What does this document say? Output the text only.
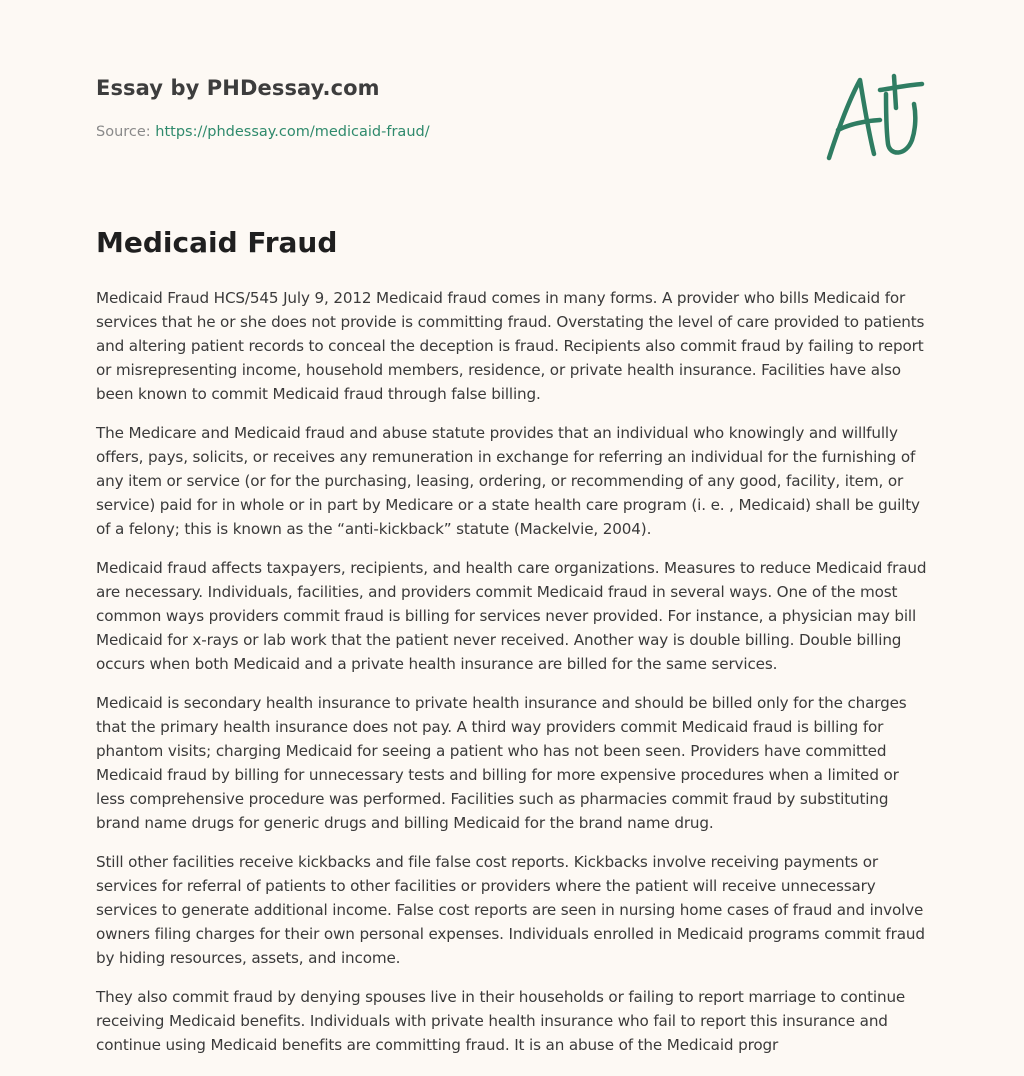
Essay by PHDessay.com
Source: https://phdessay.com/medicaid-fraud/
Medicaid Fraud

Medicaid Fraud HCS/545 July 9, 2012 Medicaid fraud comes in many forms. A provider who bills Medicaid for services that he or she does not provide is committing fraud. Overstating the level of care provided to patients and altering patient records to conceal the deception is fraud. Recipients also commit fraud by failing to report or misrepresenting income, household members, residence, or private health insurance. Facilities have also been known to commit Medicaid fraud through false billing.

The Medicare and Medicaid fraud and abuse statute provides that an individual who knowingly and willfully offers, pays, solicits, or receives any remuneration in exchange for referring an individual for the furnishing of any item or service (or for the purchasing, leasing, ordering, or recommending of any good, facility, item, or service) paid for in whole or in part by Medicare or a state health care program (i. e. , Medicaid) shall be guilty of a felony; this is known as the “anti-kickback” statute (Mackelvie, 2004).

Medicaid fraud affects taxpayers, recipients, and health care organizations. Measures to reduce Medicaid fraud are necessary. Individuals, facilities, and providers commit Medicaid fraud in several ways. One of the most common ways providers commit fraud is billing for services never provided. For instance, a physician may bill Medicaid for x-rays or lab work that the patient never received. Another way is double billing. Double billing occurs when both Medicaid and a private health insurance are billed for the same services.

Medicaid is secondary health insurance to private health insurance and should be billed only for the charges that the primary health insurance does not pay. A third way providers commit Medicaid fraud is billing for phantom visits; charging Medicaid for seeing a patient who has not been seen. Providers have committed Medicaid fraud by billing for unnecessary tests and billing for more expensive procedures when a limited or less comprehensive procedure was performed. Facilities such as pharmacies commit fraud by substituting brand name drugs for generic drugs and billing Medicaid for the brand name drug.

Still other facilities receive kickbacks and file false cost reports. Kickbacks involve receiving payments or services for referral of patients to other facilities or providers where the patient will receive unnecessary services to generate additional income. False cost reports are seen in nursing home cases of fraud and involve owners filing charges for their own personal expenses. Individuals enrolled in Medicaid programs commit fraud by hiding resources, assets, and income.

They also commit fraud by denying spouses live in their households or failing to report marriage to continue receiving Medicaid benefits. Individuals with private health insurance who fail to report this insurance and continue using Medicaid benefits are committing fraud. It is an abuse of the Medicaid progr
